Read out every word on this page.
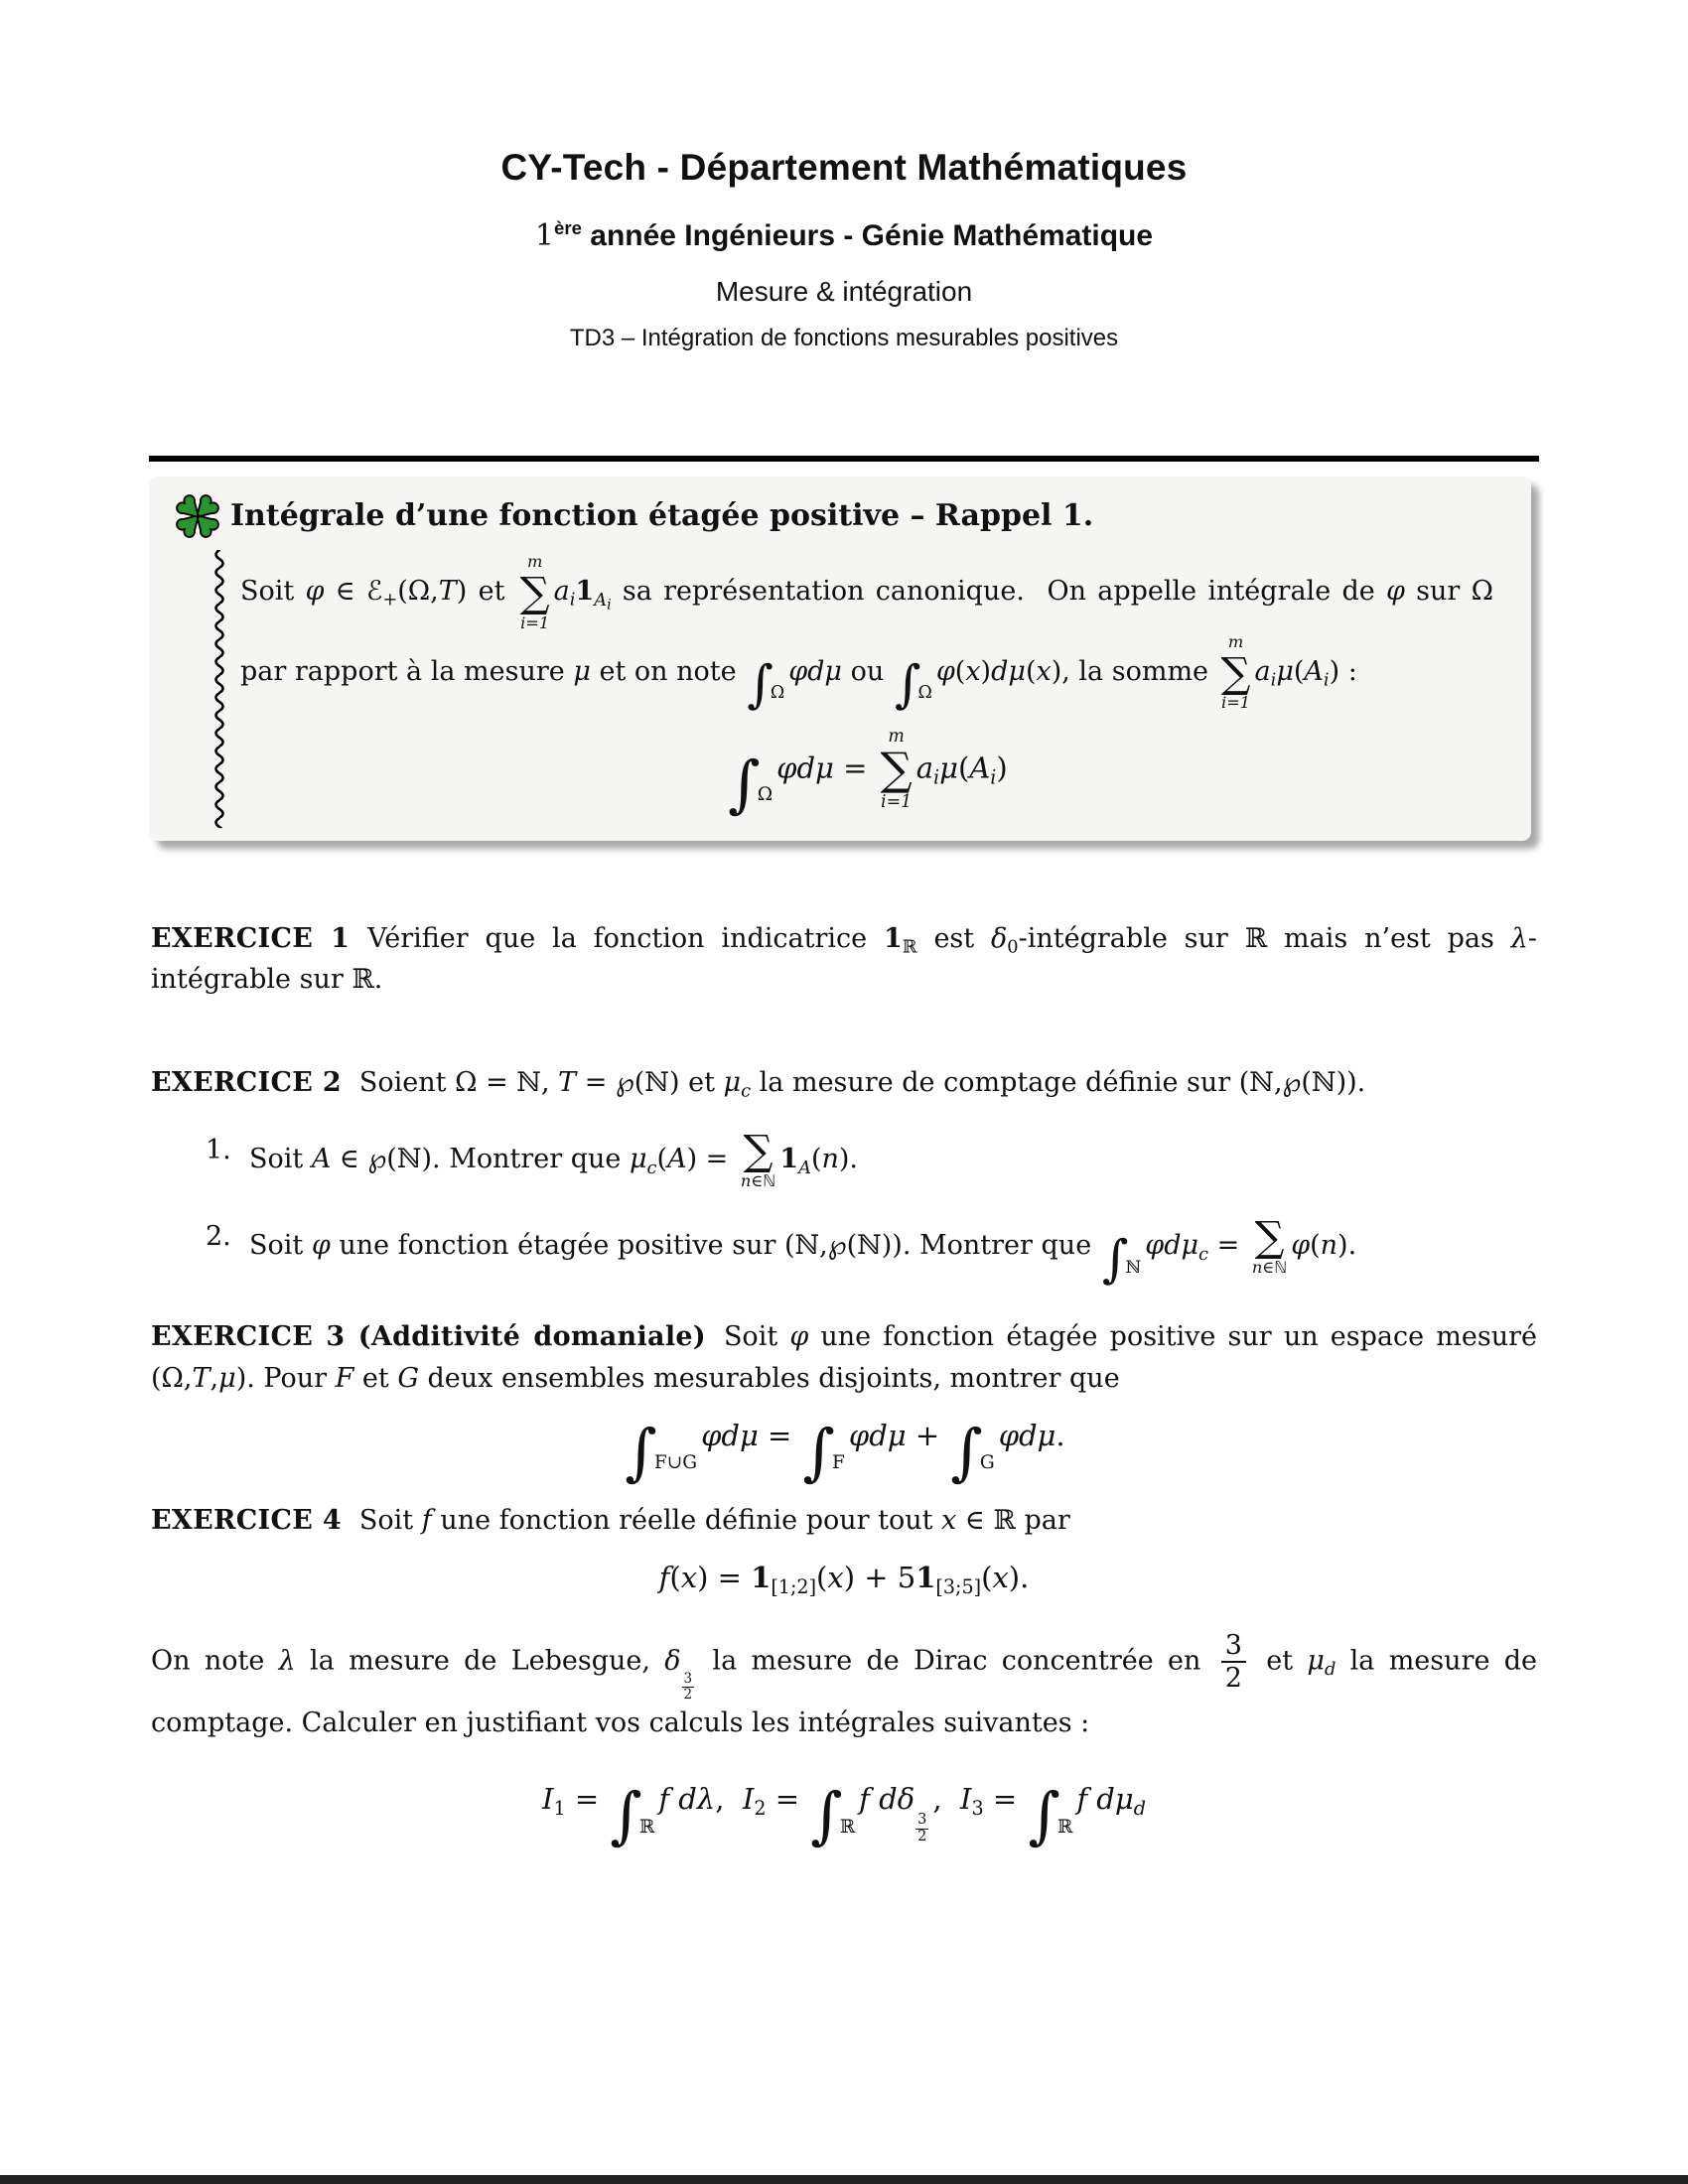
CY-Tech - Département Mathématiques
1ère année Ingénieurs - Génie Mathématique
Mesure & intégration
TD3 – Intégration de fonctions mesurables positives
Intégrale d’une fonction étagée positive – Rappel 1.

Soit φ ∈ ℰ$_+$(Ω,T) et
m
∑
i=1
$a_i1_{A_i}$ sa représentation canonique.  On appelle intégrale de φ sur Ω par rapport à la mesure μ et on note $\int_\Omega\varphi d\mu$ ou $\int_\Omega\varphi(x)d\mu(x)$, la somme
m
∑
i=1
$a_i\mu(A_i)$ :

$\int_\Omega\varphi d\mu$ =
m
∑
i=1
$a_i\mu(A_i)$

EXERCICE 1 Vérifier que la fonction indicatrice $1_ℝ$ est $\delta_0$-intégrable sur ℝ mais n’est pas λ-intégrable sur ℝ.

EXERCICE 2 Soient Ω = ℕ, T = ℘(ℕ) et $\mu_c$ la mesure de comptage définie sur (ℕ,℘(ℕ)).

1. Soit A ∈ ℘(ℕ). Montrer que $\mu_c(A)$ = ∑
n∈ℕ
$1_A(n)$.
2. Soit φ une fonction étagée positive sur (ℕ,℘(ℕ)). Montrer que $\int_ℕ\varphi d\mu_c$ = ∑
n∈ℕ
φ(n).

EXERCICE 3 (Additivité domaniale) Soit φ une fonction étagée positive sur un espace mesuré (Ω,T,μ). Pour F et G deux ensembles mesurables disjoints, montrer que

$\int_{F\cup G}\varphi d\mu = \int_F\varphi d\mu + \int_G\varphi d\mu$.

EXERCICE 4 Soit f une fonction réelle définie pour tout x ∈ ℝ par

$f(x) = 1_{[1;2]}(x) + 51_{[3;5]}(x)$.

On note λ la mesure de Lebesgue, δ
$\frac{3}{2}$
la mesure de Dirac concentrée en $\frac{3}{2}$ et $\mu_d$ la mesure de comptage. Calculer en justifiant vos calculs les intégrales suivantes :

$I_1 = \int_ℝf$ dλ,  $I_2 = \int_ℝf$ dδ
$\frac{3}{2}$
,  $I_3 = \int_ℝf$ $d\mu_d$
